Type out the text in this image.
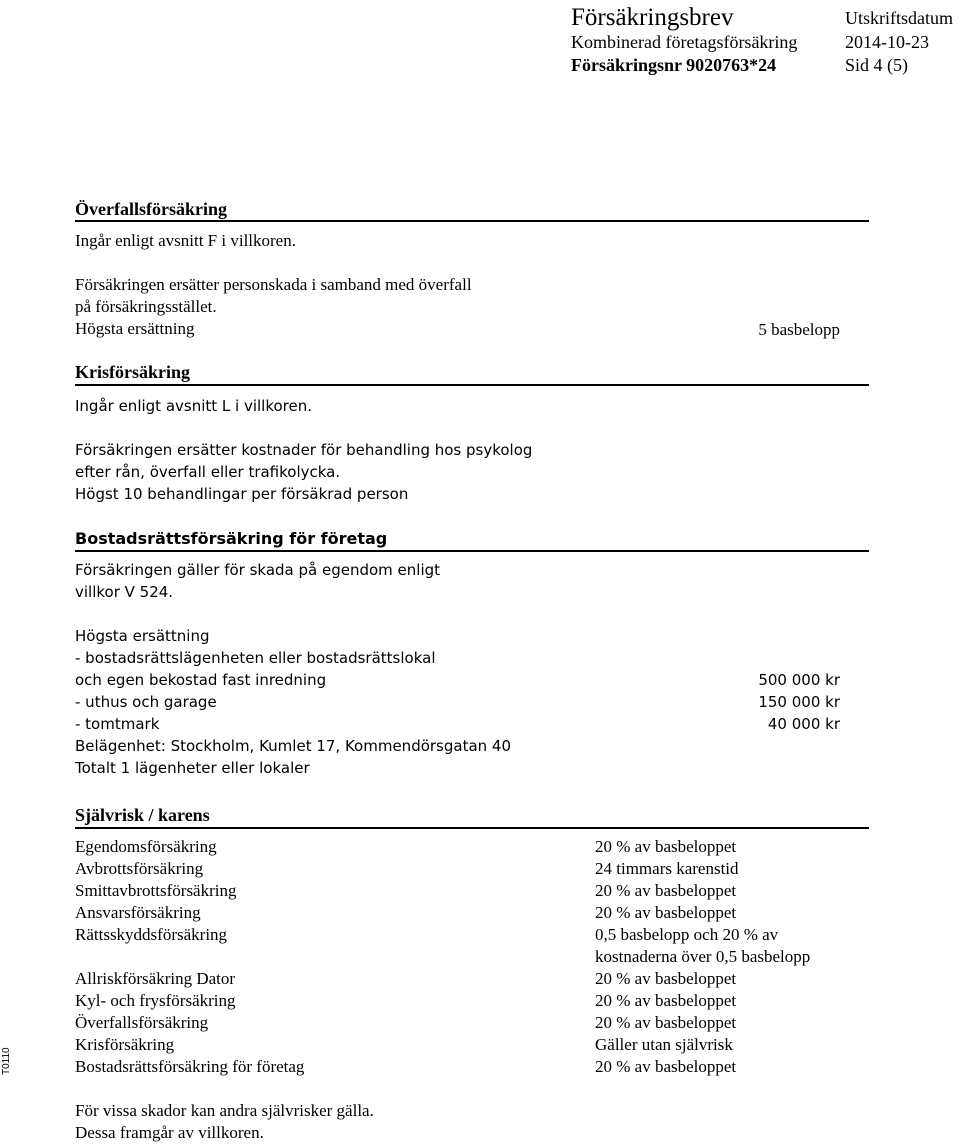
Försäkringsbrev	Utskriftsdatum
Kombinerad företagsförsäkring	2014-10-23
Försäkringsnr 9020763*24	Sid 4 (5)
Överfallsförsäkring
Ingår enligt avsnitt F i villkoren.
Försäkringen ersätter personskada i samband med överfall
på försäkringsstället.
Högsta ersättning	5 basbelopp
Krisförsäkring
Ingår enligt avsnitt L i villkoren.
Försäkringen ersätter kostnader för behandling hos psykolog
efter rån, överfall eller trafikolycka.
Högst 10 behandlingar per försäkrad person
Bostadsrättsförsäkring för företag
Försäkringen gäller för skada på egendom enligt
villkor V 524.
Högsta ersättning
- bostadsrättslägenheten eller bostadsrättslokal
och egen bekostad fast inredning	500 000 kr
- uthus och garage	150 000 kr
- tomtmark	40 000 kr
Belägenhet: Stockholm, Kumlet 17, Kommendörsgatan 40
Totalt 1 lägenheter eller lokaler
Självrisk / karens
Egendomsförsäkring	20 % av basbeloppet
Avbrottsförsäkring	24 timmars karenstid
Smittavbrottsförsäkring	20 % av basbeloppet
Ansvarsförsäkring	20 % av basbeloppet
Rättsskyddsförsäkring	0,5 basbelopp och 20 % av
kostnaderna över 0,5 basbelopp
Allriskförsäkring Dator	20 % av basbeloppet
Kyl- och frysförsäkring	20 % av basbeloppet
Överfallsförsäkring	20 % av basbeloppet
Krisförsäkring	Gäller utan självrisk
Bostadsrättsförsäkring för företag	20 % av basbeloppet
För vissa skador kan andra självrisker gälla.
Dessa framgår av villkoren.
T0110
